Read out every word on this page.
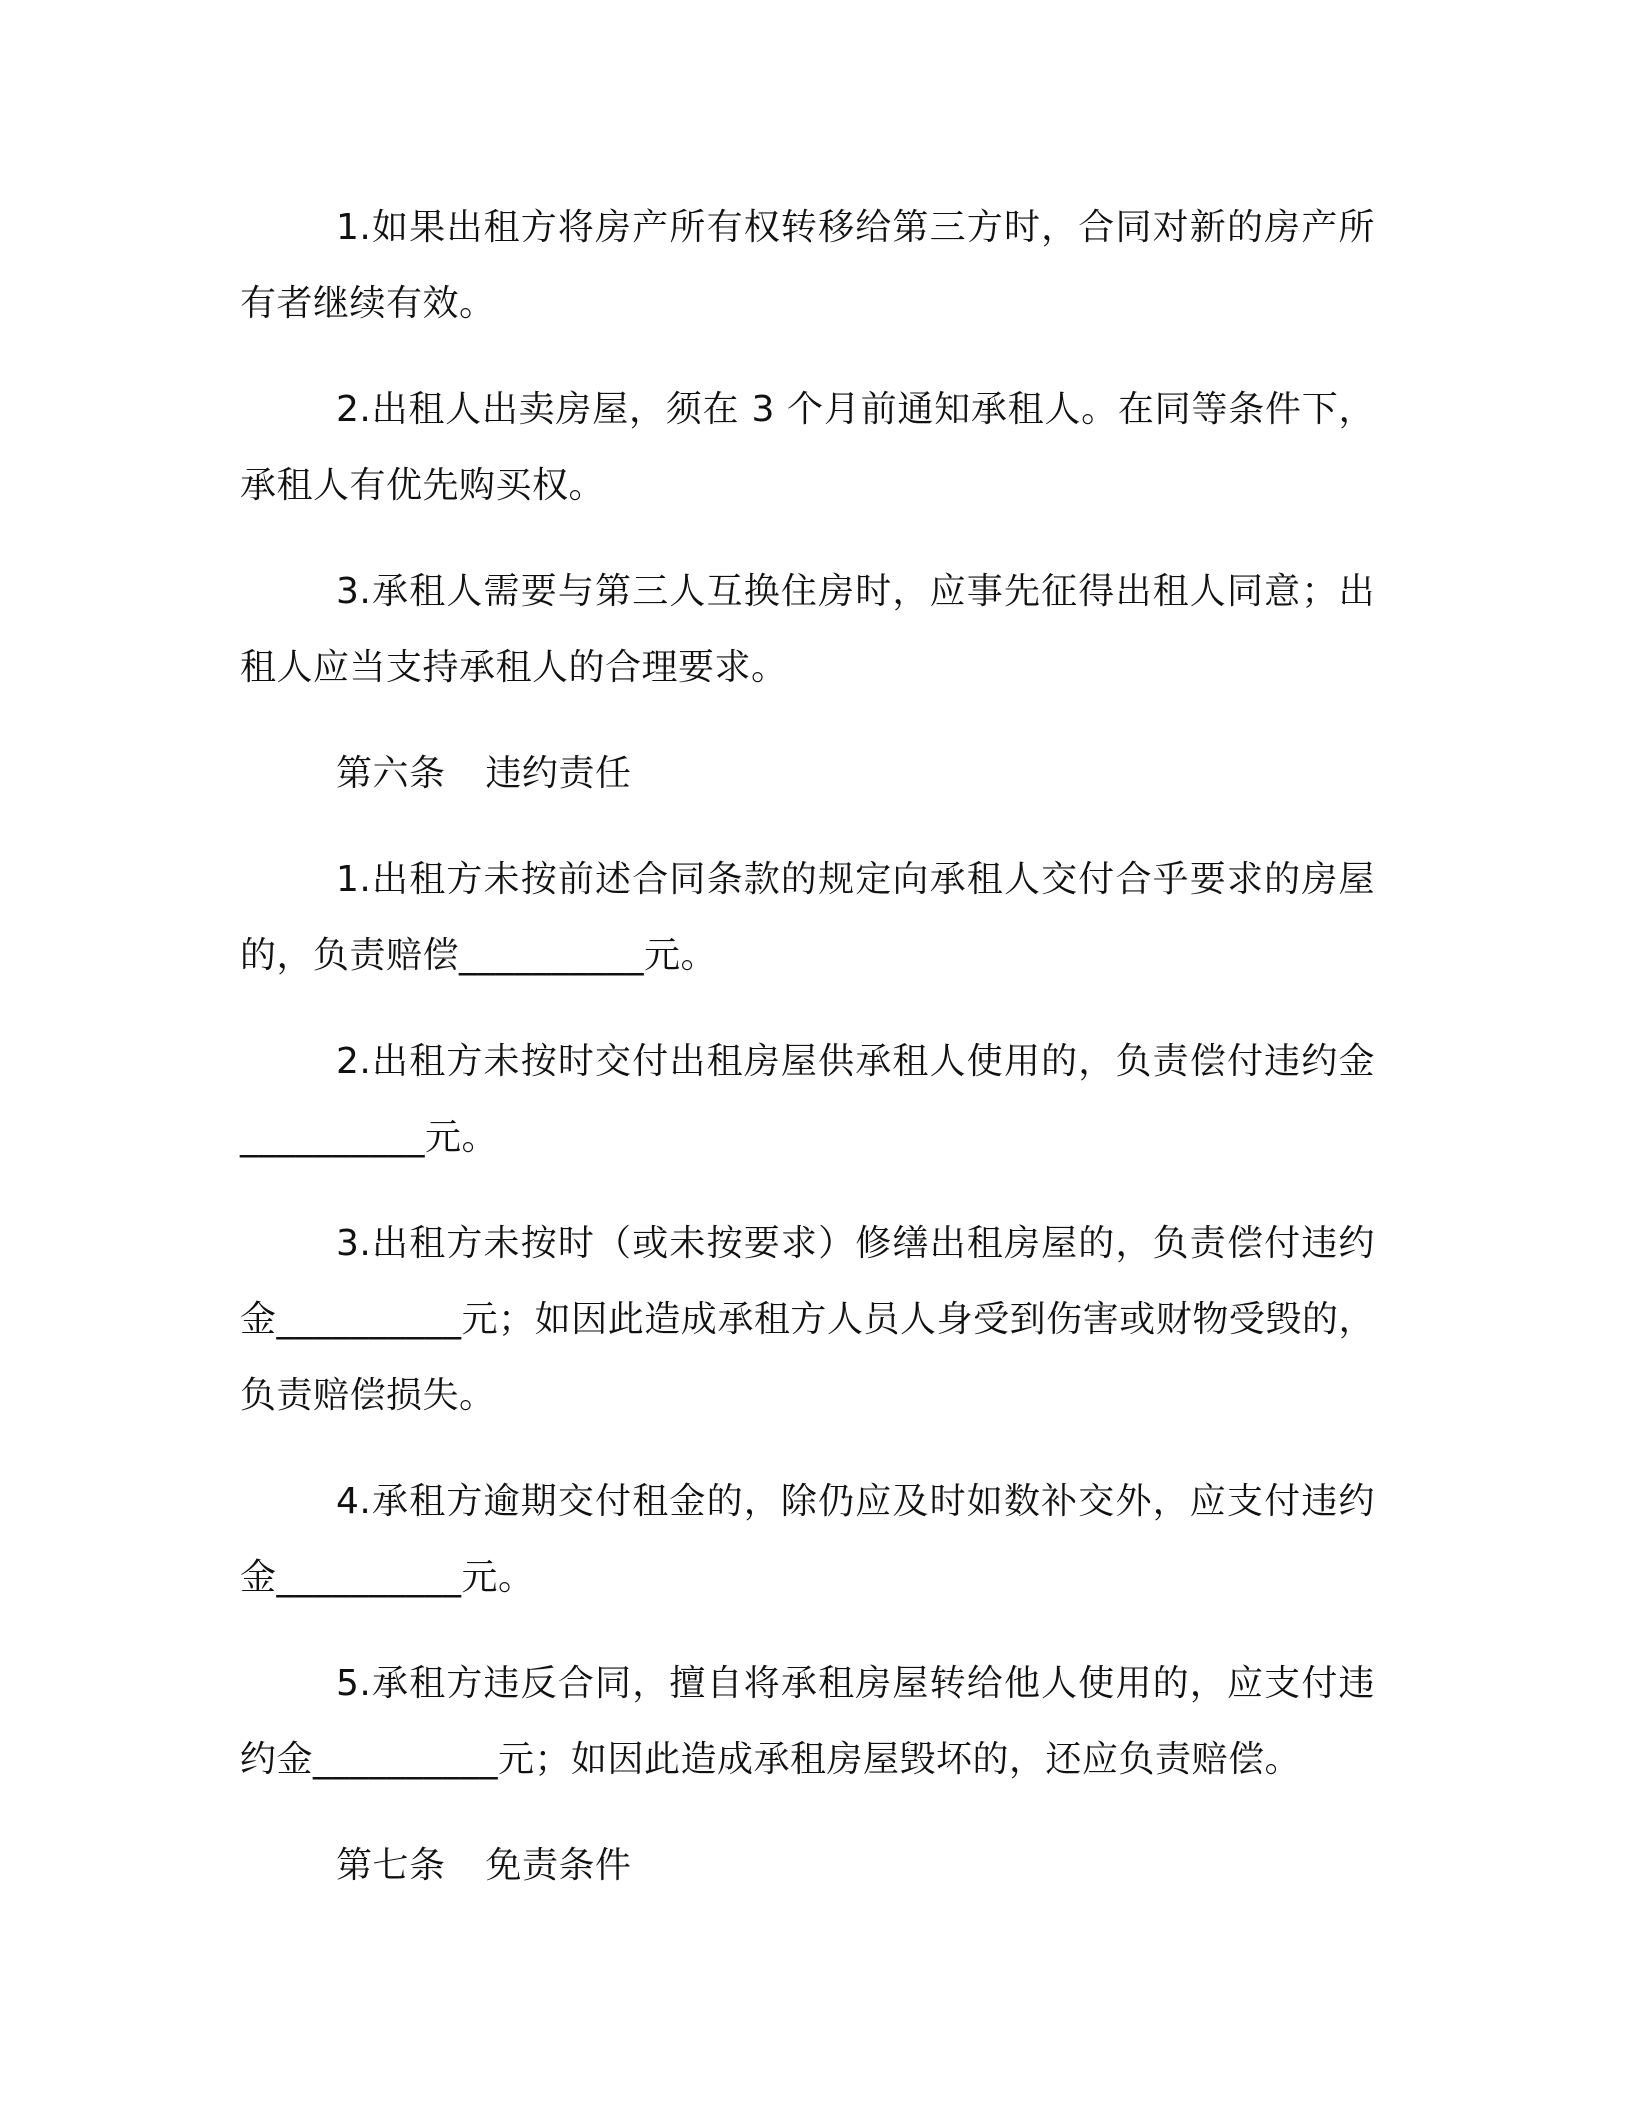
1.如果出租方将房产所有权转移给第三方时，合同对新的房产所有者继续有效。

2.出租人出卖房屋，须在 3 个月前通知承租人。在同等条件下，承租人有优先购买权。

3.承租人需要与第三人互换住房时，应事先征得出租人同意；出租人应当支持承租人的合理要求。

第六条 违约责任

1.出租方未按前述合同条款的规定向承租人交付合乎要求的房屋的，负责赔偿__________元。

2.出租方未按时交付出租房屋供承租人使用的，负责偿付违约金__________元。

3.出租方未按时（或未按要求）修缮出租房屋的，负责偿付违约金__________元；如因此造成承租方人员人身受到伤害或财物受毁的，负责赔偿损失。

4.承租方逾期交付租金的，除仍应及时如数补交外，应支付违约金__________元。

5.承租方违反合同，擅自将承租房屋转给他人使用的，应支付违约金__________元；如因此造成承租房屋毁坏的，还应负责赔偿。

第七条 免责条件
